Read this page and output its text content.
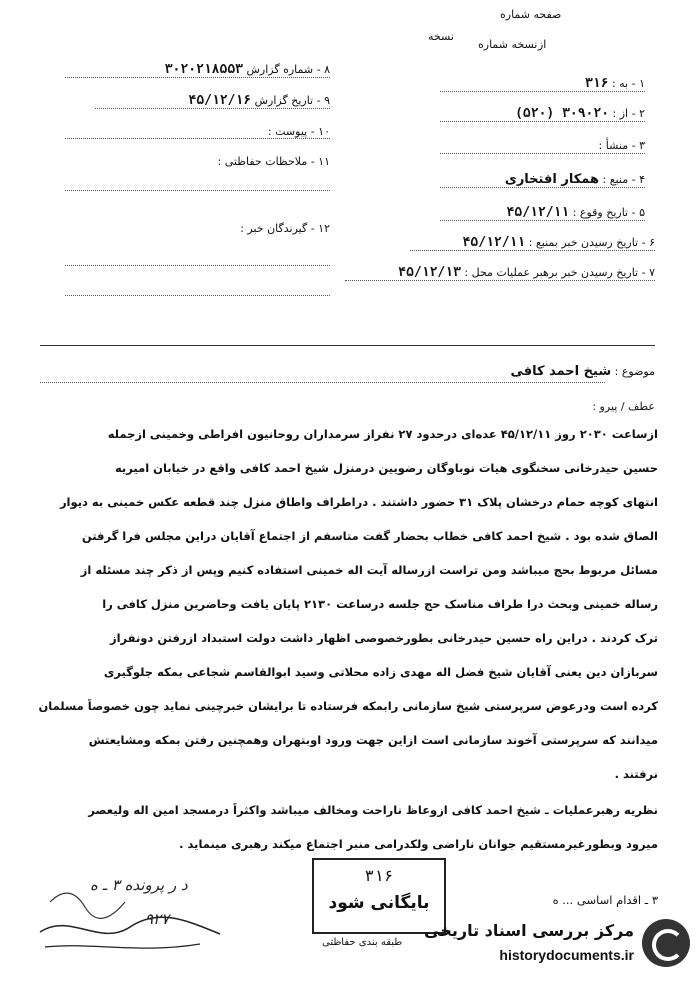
صفحه شماره
نسخه شماره از
نسخه
۱ - به : ۳۱۶
۲ - از : ۳۰۹۰۲۰ (۵۲۰)
۳ - منشأ :
۴ - منبع : همکار افتخاری
۵ - تاریخ وقوع : ۴۵/۱۲/۱۱
۶ - تاریخ رسیدن خبر بمنبع : ۴۵/۱۲/۱۱
۷ - تاریخ رسیدن خبر برهبر عملیات محل : ۴۵/۱۲/۱۳
۸ - شماره گزارش ۳۰۲۰۲۱۸۵۵۳
۹ - تاریخ گزارش ۴۵/۱۲/۱۶
۱۰ - پیوست :
۱۱ - ملاحظات حفاظتی :
۱۲ - گیرندگان خبر :
موضوع : شیخ احمد کافی
عطف / پیرو :
ازساعت ۲۰۳۰ روز ۴۵/۱۲/۱۱ عده‌ای درحدود ۲۷ نفراز سرمداران روحانیون افراطی وخمینی ازجمله
حسین حیدرخانی سخنگوی هیات نوباوگان رضویین درمنزل شیخ احمد کافی واقع در خیابان امیریه
انتهای کوچه حمام درخشان پلاک ۳۱ حضور داشتند . دراطراف واطاق منزل چند قطعه عکس خمینی به دیوار
الصاق شده بود . شیخ احمد کافی خطاب بحضار گفت متاسفم از اجتماع آقایان دراین مجلس فرا گرفتن
مسائل مربوط بحج میباشد ومن تراست ازرساله آیت اله خمینی استفاده کنیم وپس از ذکر چند مسئله از
رساله خمینی وبحث درا طراف مناسک حج جلسه درساعت ۲۱۳۰ پایان یافت وحاضرین منزل کافی را
ترک کردند . دراین راه حسین حیدرخانی بطورخصوصی اظهار داشت دولت استبداد ازرفتن دونفراز
سربازان دین یعنی آقایان شیخ فضل اله مهدی زاده محلاتی وسید ابوالقاسم شجاعی بمکه جلوگیری
کرده است ودرعوض سرپرستی شیخ سازمانی رابمکه فرستاده تا برایشان خبرچینی نماید چون خصوصاً مسلمان
میدانند که سرپرستی آخوند سازمانی است ازاین جهت ورود اوبتهران وهمچنین رفتن بمکه ومشایعتش
نرفتند .
نظریه رهبرعملیات ـ شیخ احمد کافی ازوعاظ ناراحت ومخالف میباشد واکثراً درمسجد امین اله ولیعصر
میرود وبطورغیرمستقیم جوانان ناراضی ولکدرامی منبر اجتماع میکند رهبری مینماید .
۳ ـ اقدام اساسی ... ه
۳۱۶
بایگانی شود
طبقه بندی حفاظتی
د ر پرونده ۳ ـ ه
۹۲۷
مرکز بررسی اسناد تاریخی
historydocuments.ir
